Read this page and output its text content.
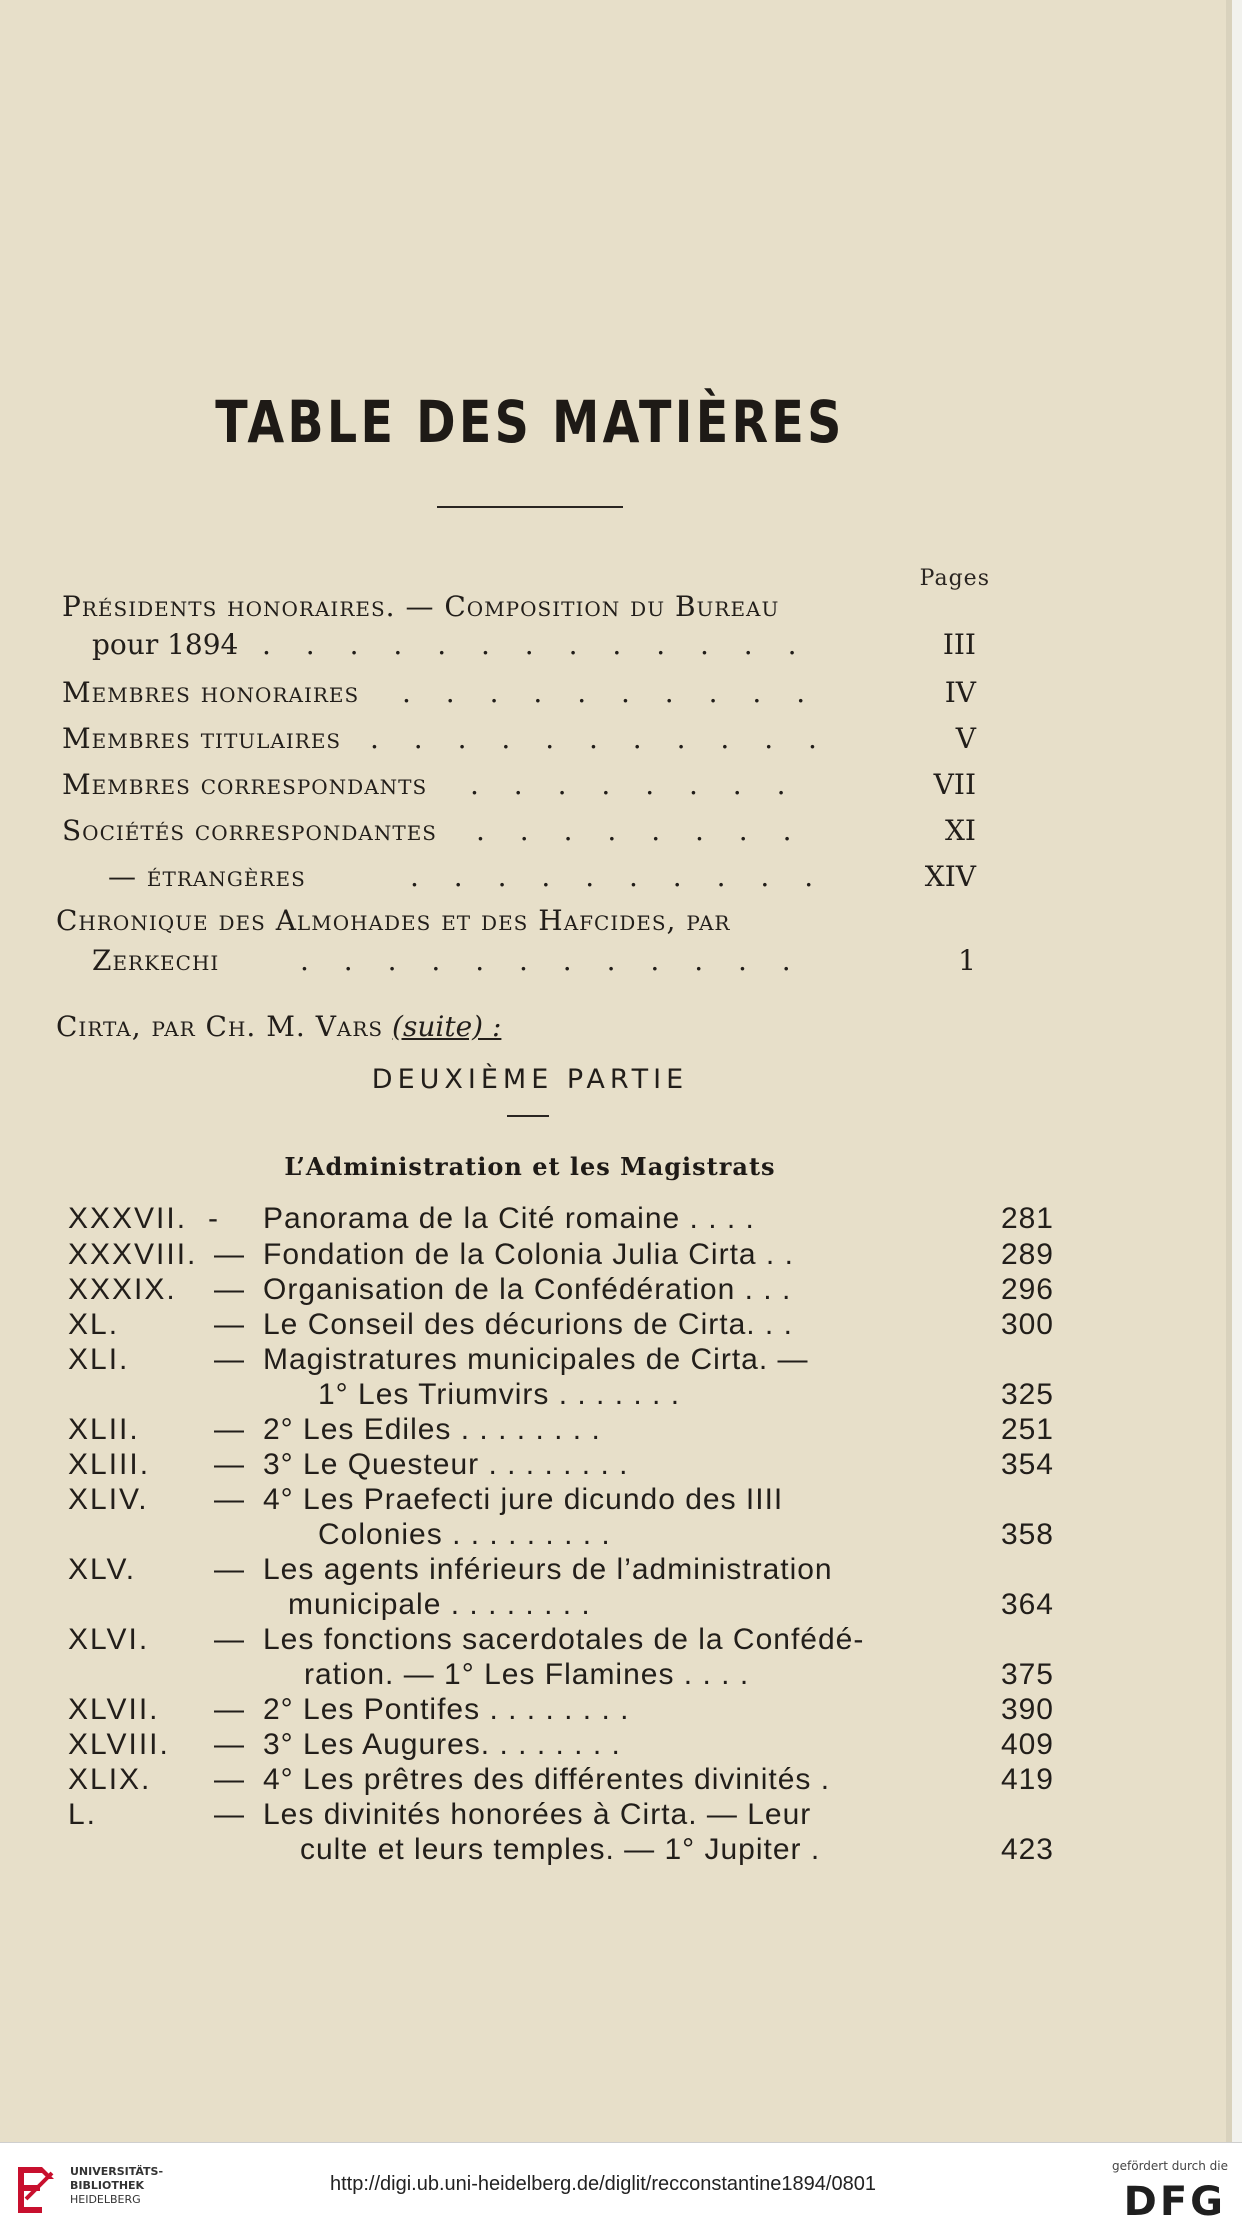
TABLE DES MATIÈRES
Pages
Présidents honoraires. — Composition du Bureau
pour 1894 . . . . . . . . . . . . .	III
Membres honoraires . . . . . . . . . .	IV
Membres titulaires . . . . . . . . . . .	V
Membres correspondants . . . . . . . .	VII
Sociétés correspondantes . . . . . . . .	XI
— étrangères	. . . . . . . . . .	XIV
Chronique des Almohades et des Hafcides, par
Zerkechi	. . . . . . . . . . . .	1
Cirta, par Ch. M. Vars (suite) :
DEUXIÈME PARTIE
L’Administration et les Magistrats
XXXVII. - Panorama de la Cité romaine . . . .	281
XXXVIII. — Fondation de la Colonia Julia Cirta . .	289
XXXIX. — Organisation de la Confédération . . .	296
XL.	— Le Conseil des décurions de Cirta. . .	300
XLI.	— Magistratures municipales de Cirta. —
1° Les Triumvirs . . . . . . .	325
XLII. — 2° Les Ediles . . . . . . . .	251
XLIII. — 3° Le Questeur . . . . . . . .	354
XLIV. — 4° Les Praefecti jure dicundo des IIII
Colonies . . . . . . . . .	358
XLV.	— Les agents inférieurs de l’administration
municipale . . . . . . . .	364
XLVI. — Les fonctions sacerdotales de la Confédé-
ration. — 1° Les Flamines . . . .	375
XLVII. — 2° Les Pontifes . . . . . . . .	390
XLVIII. — 3° Les Augures. . . . . . . .	409
XLIX. — 4° Les prêtres des différentes divinités .	419
L.	— Les divinités honorées à Cirta. — Leur
culte et leurs temples. — 1° Jupiter .	423
UNIVERSITÄTS-
BIBLIOTHEK
HEIDELBERG
http://digi.ub.uni-heidelberg.de/diglit/recconstantine1894/0801
gefördert durch die
DFG
